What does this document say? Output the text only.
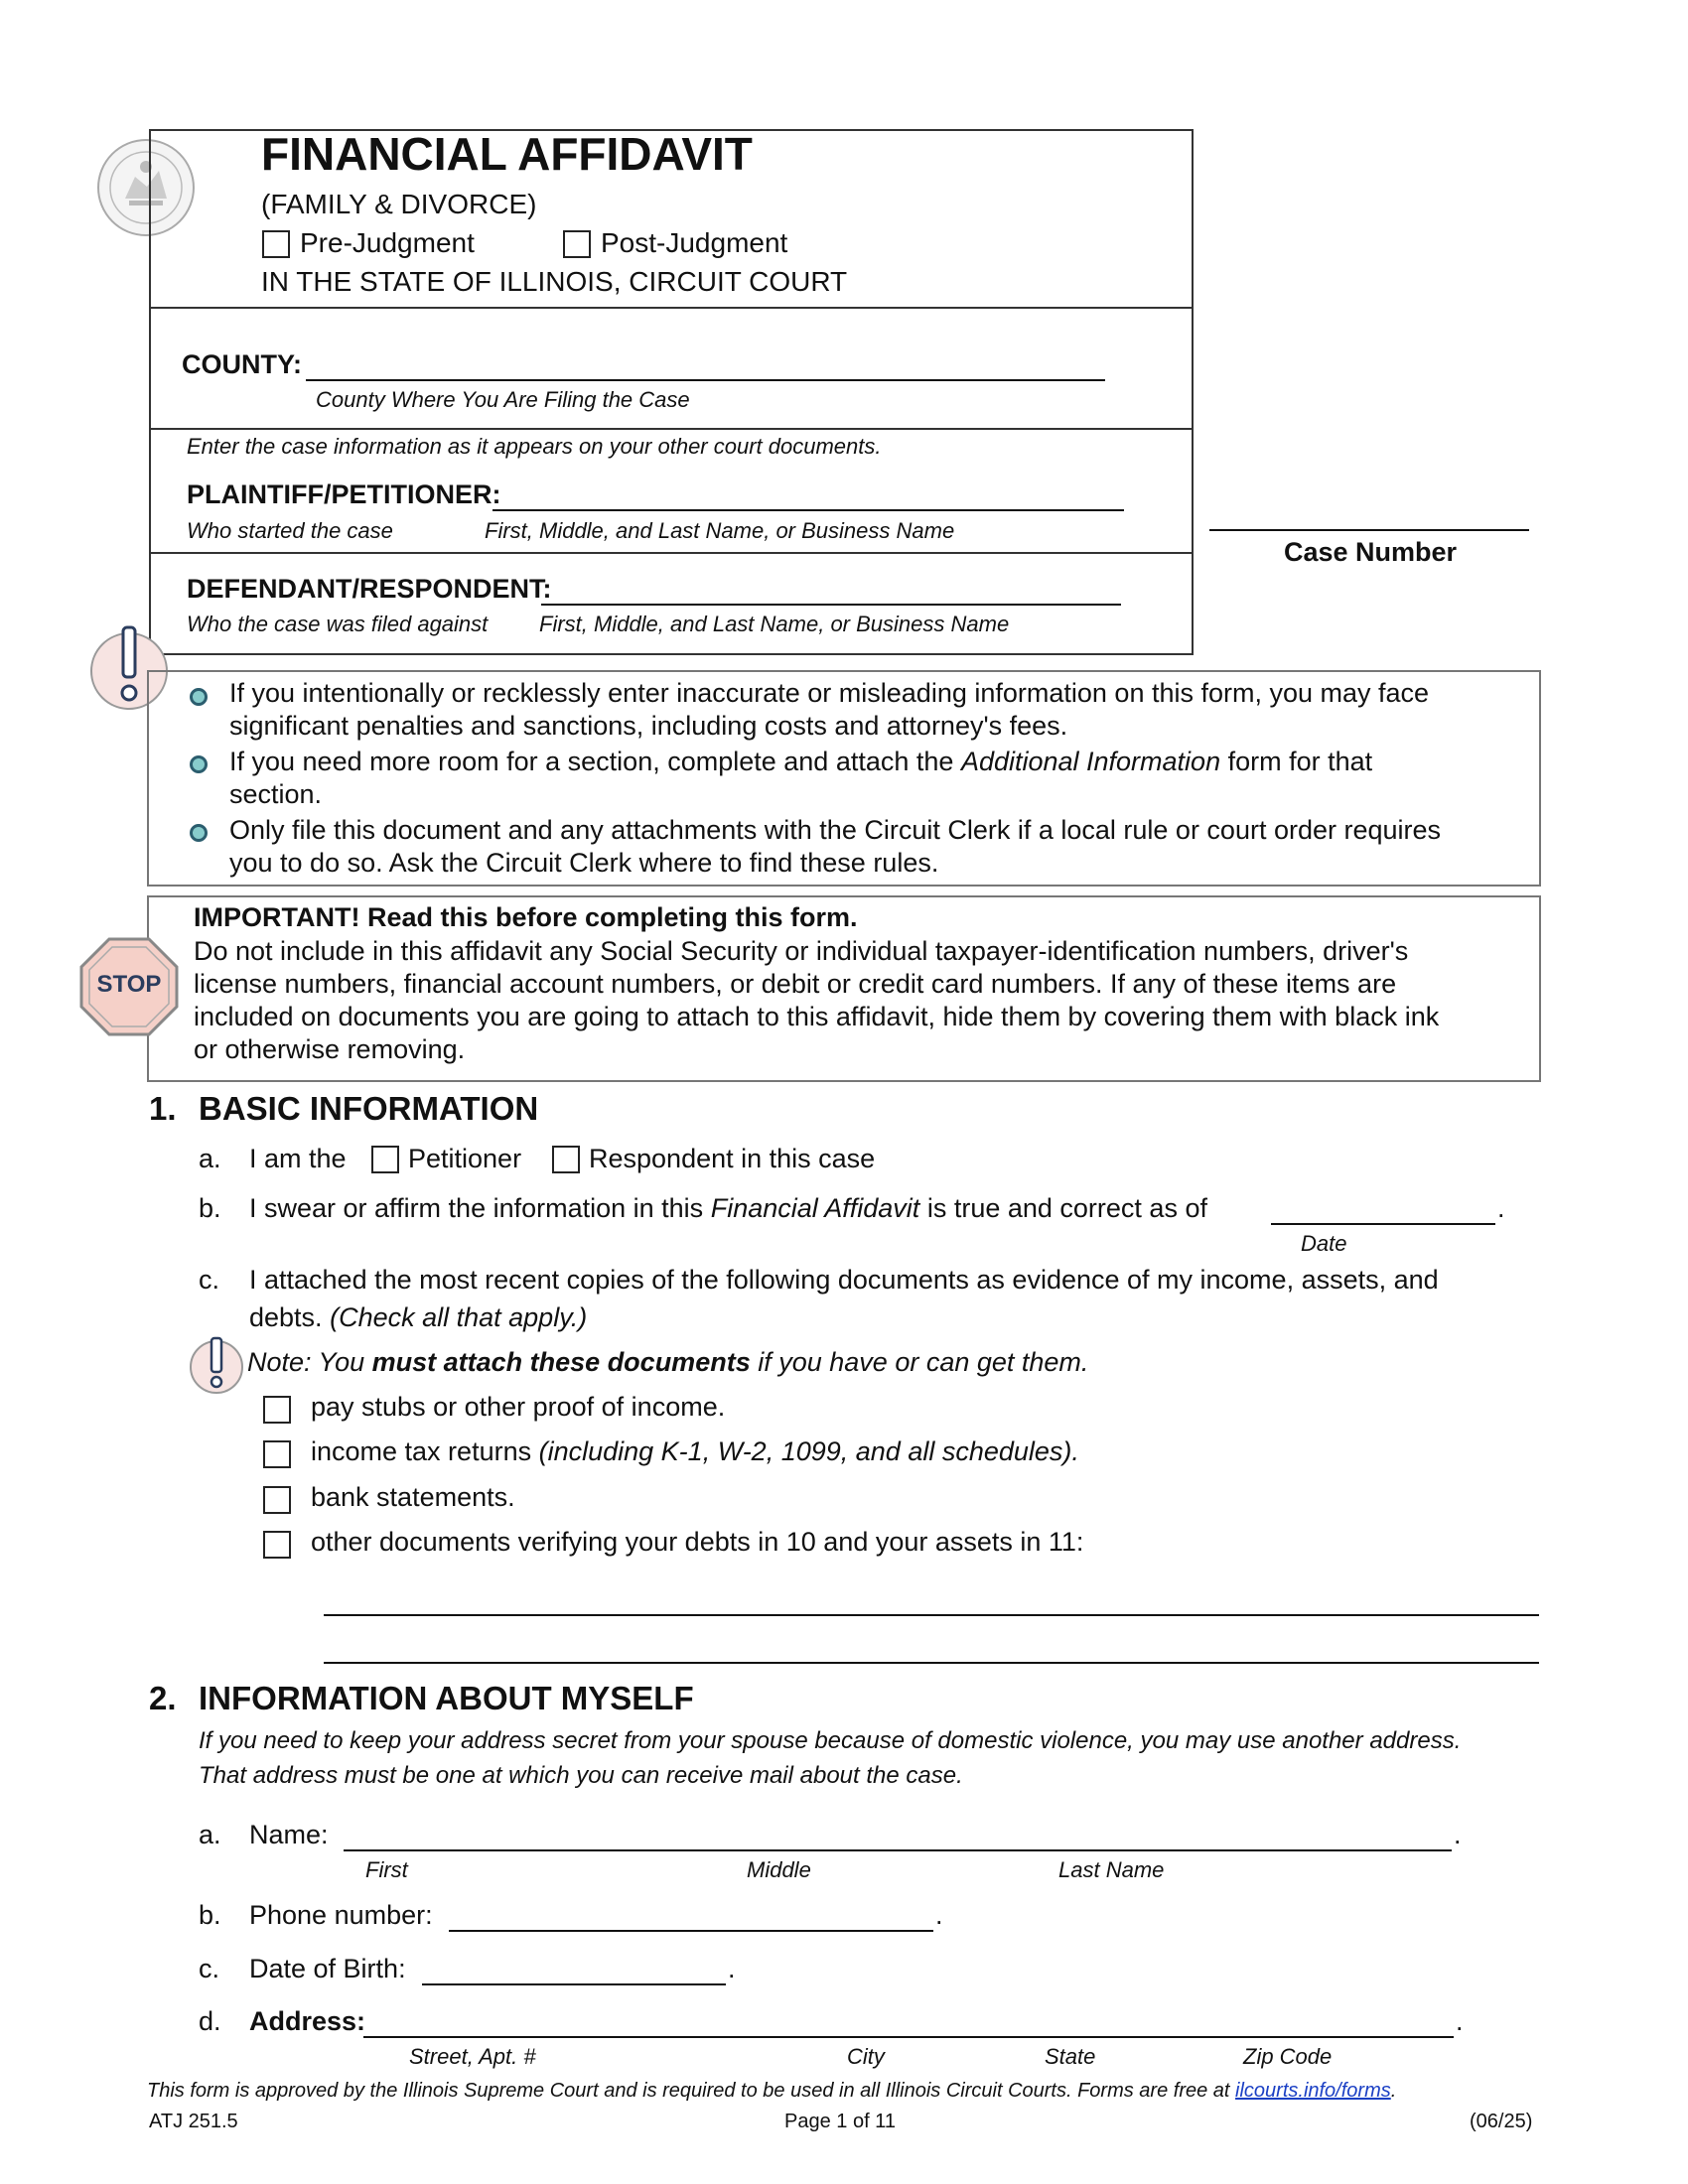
FINANCIAL AFFIDAVIT
(FAMILY & DIVORCE)
Pre-Judgment	Post-Judgment
IN THE STATE OF ILLINOIS, CIRCUIT COURT
COUNTY:
County Where You Are Filing the Case
Enter the case information as it appears on your other court documents.
PLAINTIFF/PETITIONER:
Who started the case	First, Middle, and Last Name, or Business Name
DEFENDANT/RESPONDENT:
Who the case was filed against First, Middle, and Last Name, or Business Name
Case Number
If you intentionally or recklessly enter inaccurate or misleading information on this form, you may face
significant penalties and sanctions, including costs and attorney's fees.
If you need more room for a section, complete and attach the Additional Information form for that
section.
Only file this document and any attachments with the Circuit Clerk if a local rule or court order requires
you to do so. Ask the Circuit Clerk where to find these rules.
STOP
IMPORTANT! Read this before completing this form.
Do not include in this affidavit any Social Security or individual taxpayer-identification numbers, driver's
license numbers, financial account numbers, or debit or credit card numbers. If any of these items are
included on documents you are going to attach to this affidavit, hide them by covering them with black ink
or otherwise removing.
1. BASIC INFORMATION
a. I am the Petitioner	Respondent in this case
b. I swear or affirm the information in this Financial Affidavit is true and correct as of	.
Date
c. I attached the most recent copies of the following documents as evidence of my income, assets, and
debts. (Check all that apply.)
Note: You must attach these documents if you have or can get them.
pay stubs or other proof of income.
income tax returns (including K-1, W-2, 1099, and all schedules).
bank statements.
other documents verifying your debts in 10 and your assets in 11:
2. INFORMATION ABOUT MYSELF
If you need to keep your address secret from your spouse because of domestic violence, you may use another address.
That address must be one at which you can receive mail about the case.
a. Name:	.
First	Middle	Last Name
b. Phone number:	.
c. Date of Birth:	.
d. Address:	.
Street, Apt. #	City	State	Zip Code
This form is approved by the Illinois Supreme Court and is required to be used in all Illinois Circuit Courts. Forms are free at ilcourts.info/forms.
ATJ 251.5	Page 1 of 11	(06/25)
